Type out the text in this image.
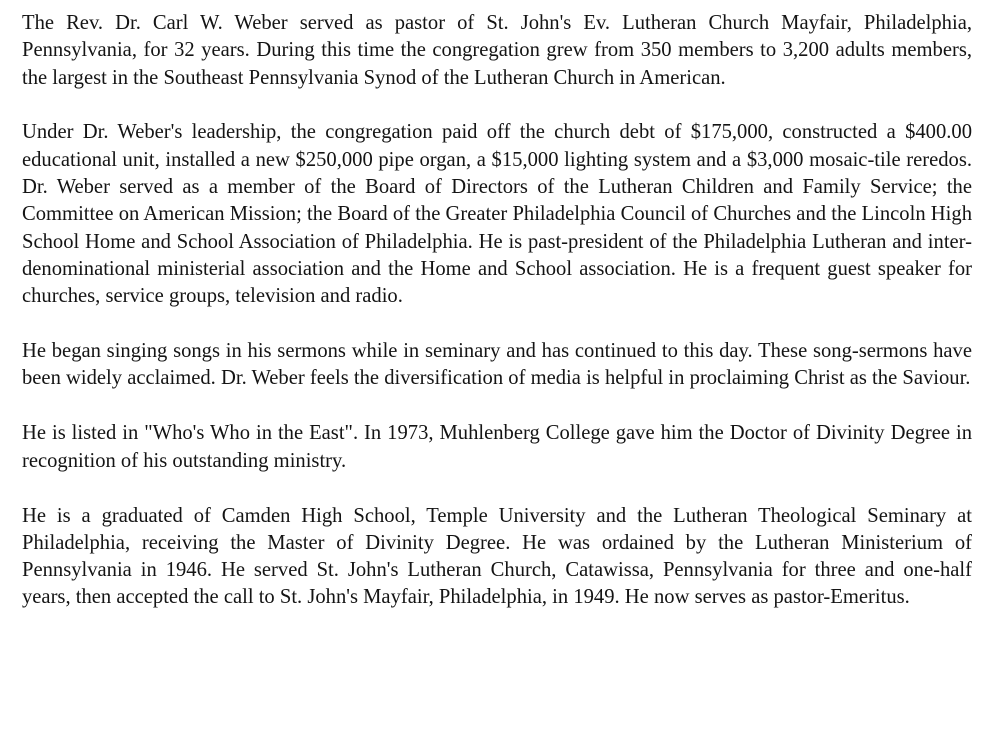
The Rev. Dr. Carl W. Weber served as pastor of St. John's Ev. Lutheran Church Mayfair, Philadelphia, Pennsylvania, for 32 years. During this time the congregation grew from 350 members to 3,200 adults members, the largest in the Southeast Pennsylvania Synod of the Lutheran Church in American.

Under Dr. Weber's leadership, the congregation paid off the church debt of $175,000, constructed a $400.00 educational unit, installed a new $250,000 pipe organ, a $15,000 lighting system and a $3,000 mosaic-tile reredos. Dr. Weber served as a member of the Board of Directors of the Lutheran Children and Family Service; the Committee on American Mission; the Board of the Greater Philadelphia Council of Churches and the Lincoln High School Home and School Association of Philadelphia. He is past-president of the Philadelphia Lutheran and inter-denominational ministerial association and the Home and School association. He is a frequent guest speaker for churches, service groups, television and radio.

He began singing songs in his sermons while in seminary and has continued to this day. These song-sermons have been widely acclaimed. Dr. Weber feels the diversification of media is helpful in proclaiming Christ as the Saviour.

He is listed in "Who's Who in the East". In 1973, Muhlenberg College gave him the Doctor of Divinity Degree in recognition of his outstanding ministry.

He is a graduated of Camden High School, Temple University and the Lutheran Theological Seminary at Philadelphia, receiving the Master of Divinity Degree. He was ordained by the Lutheran Ministerium of Pennsylvania in 1946. He served St. John's Lutheran Church, Catawissa, Pennsylvania for three and one-half years, then accepted the call to St. John's Mayfair, Philadelphia, in 1949. He now serves as pastor-Emeritus.
